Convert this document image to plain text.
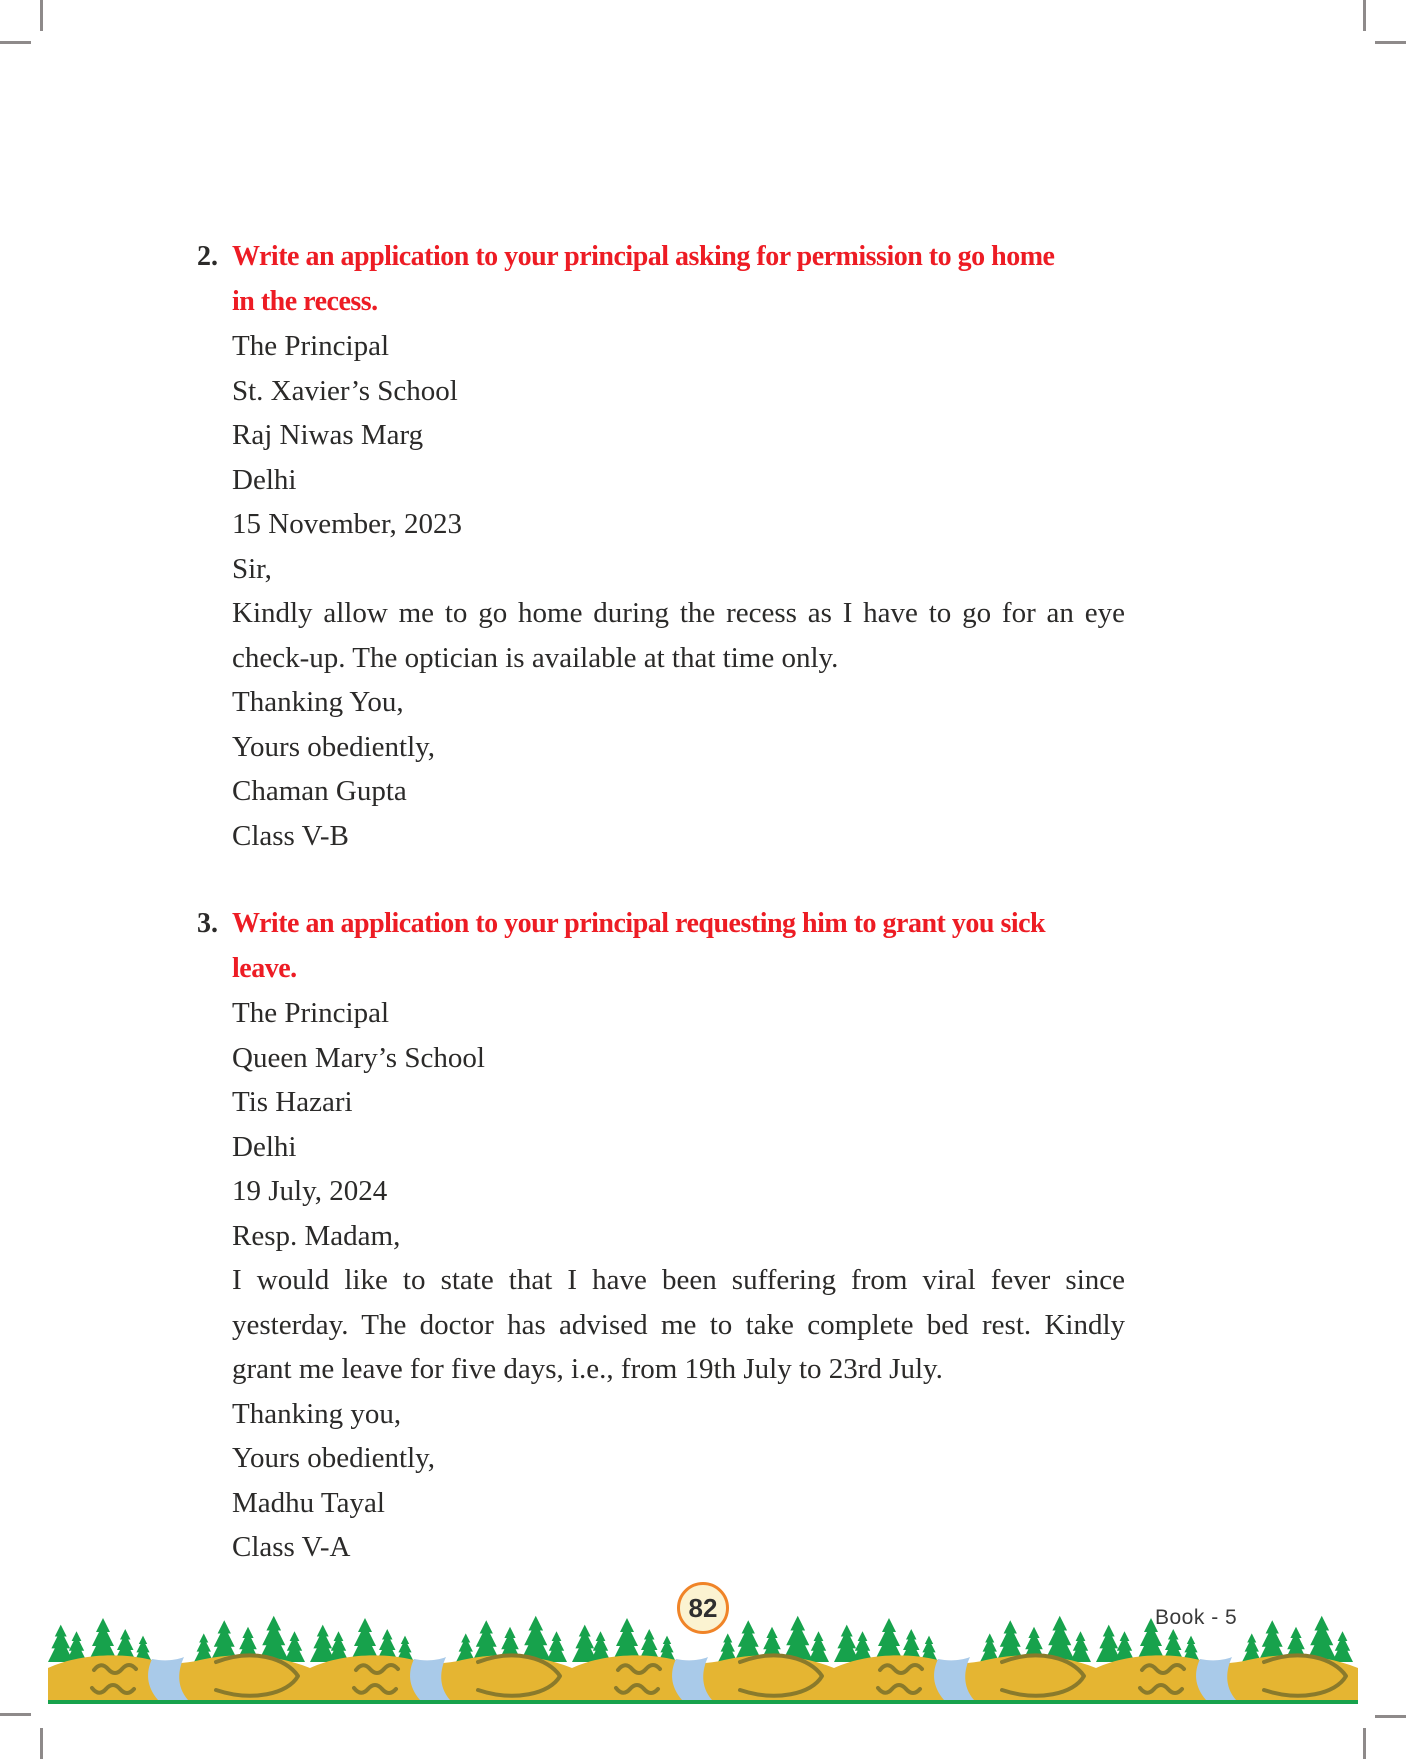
2. Write an application to your principal asking for permission to go home
in the recess.
The Principal
St. Xavier’s School
Raj Niwas Marg
Delhi
15 November, 2023
Sir,
Kindly allow me to go home during the recess as I have to go for an eye
check-up. The optician is available at that time only.
Thanking You,
Yours obediently,
Chaman Gupta
Class V-B
3. Write an application to your principal requesting him to grant you sick
leave.
The Principal
Queen Mary’s School
Tis Hazari
Delhi
19 July, 2024
Resp. Madam,
I would like to state that I have been suffering from viral fever since
yesterday. The doctor has advised me to take complete bed rest. Kindly
grant me leave for five days, i.e., from 19th July to 23rd July.
Thanking you,
Yours obediently,
Madhu Tayal
Class V-A
82	Book - 5
